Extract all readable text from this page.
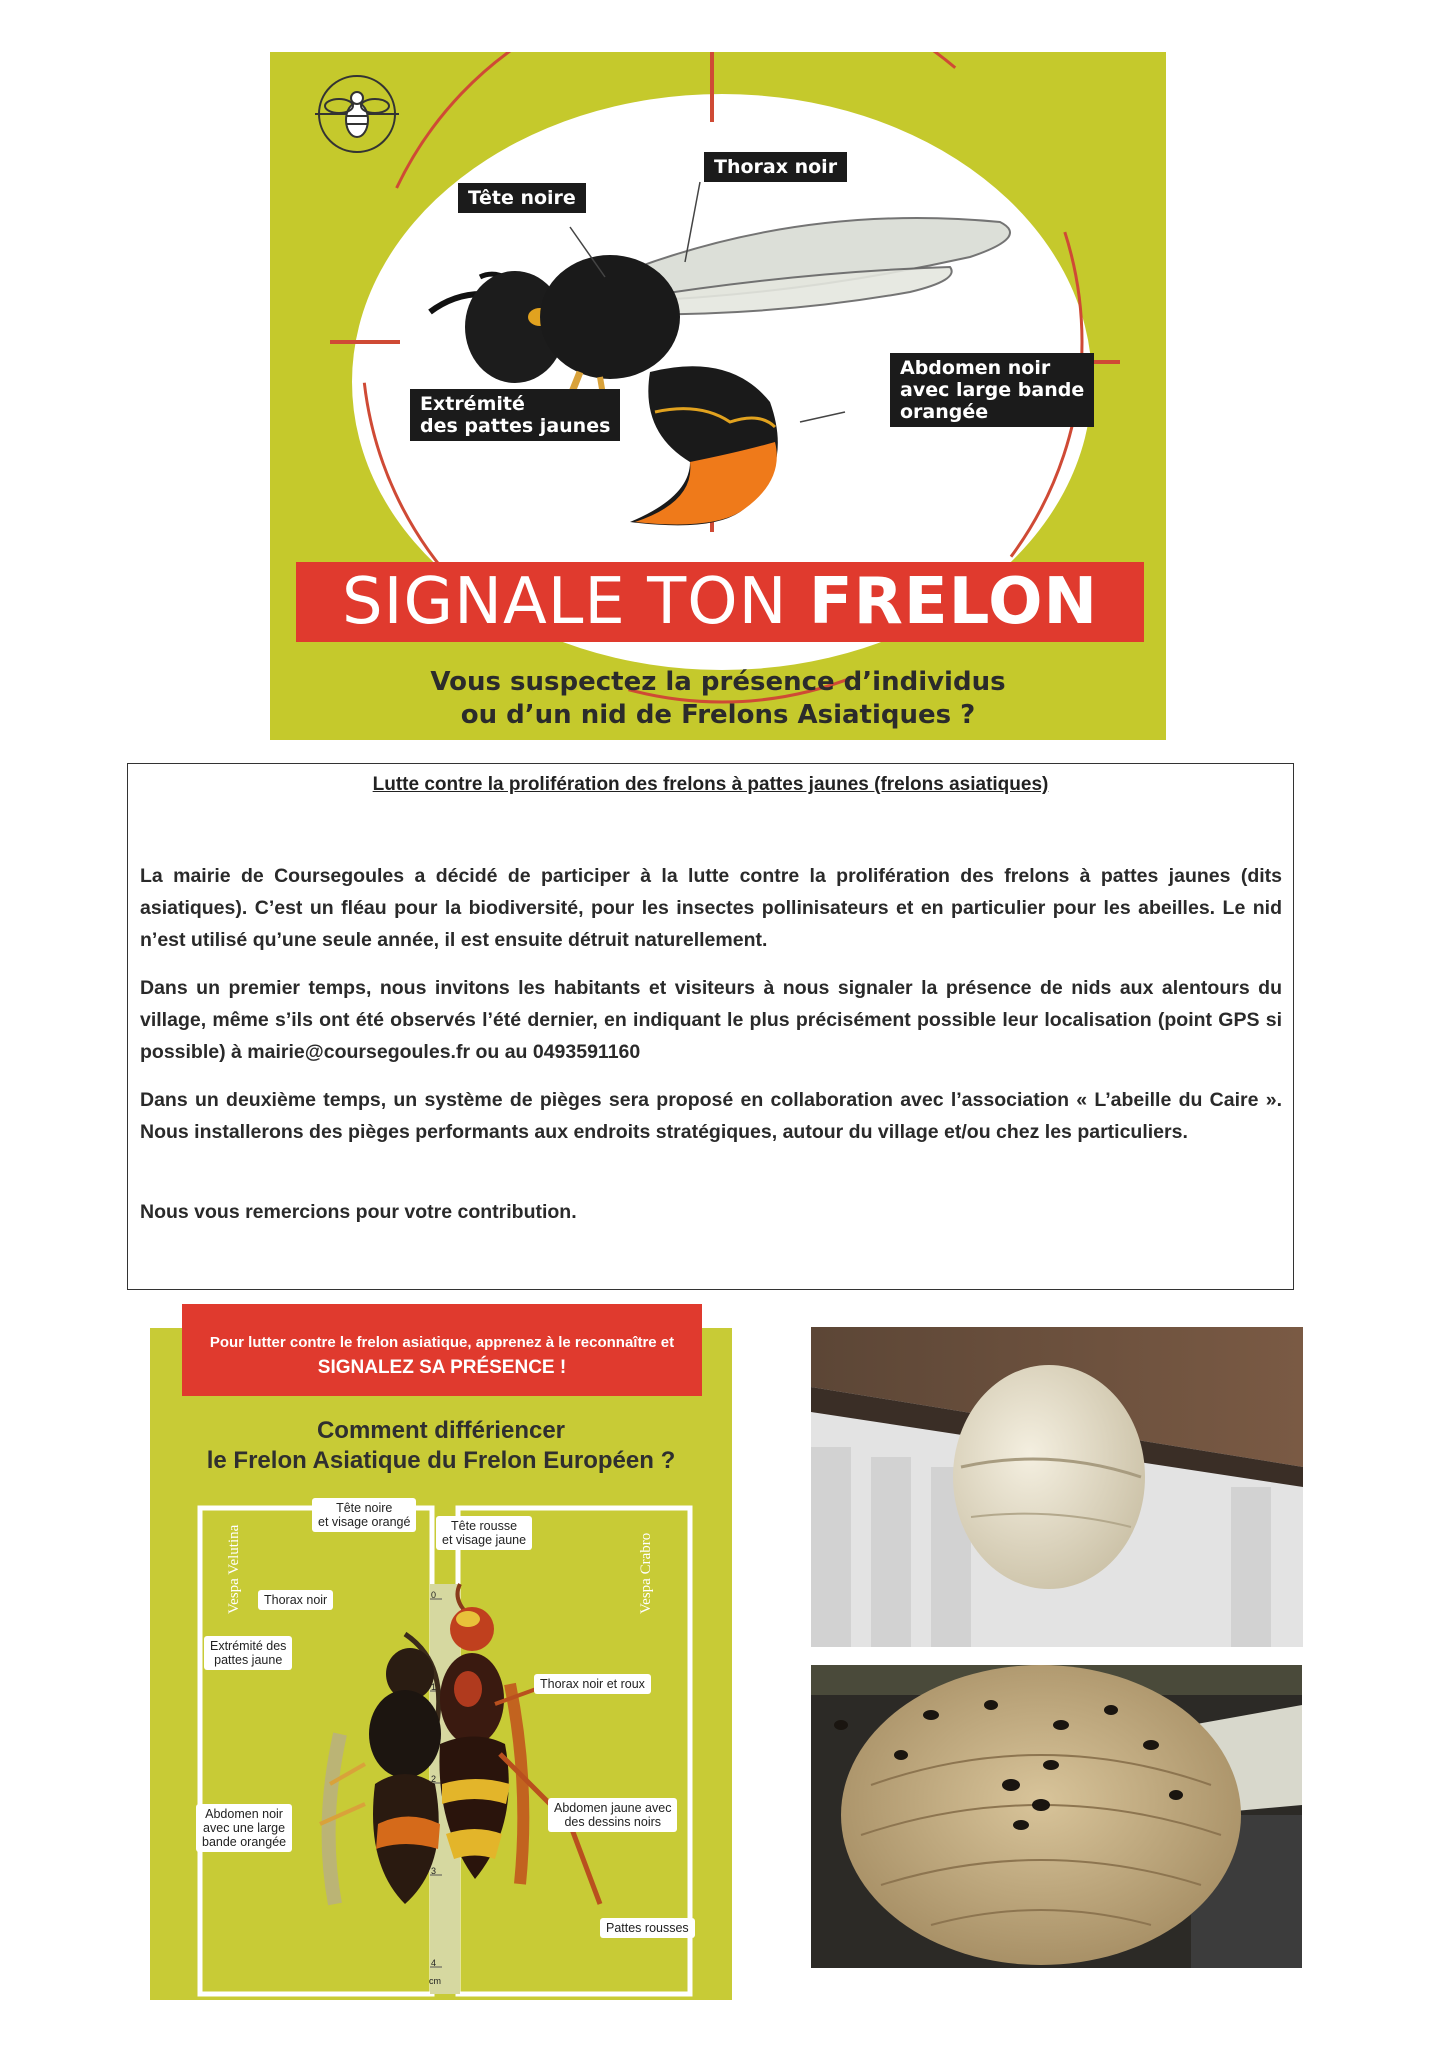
Thorax noir
Tête noire
Extrémité
des pattes jaunes
Abdomen noir
avec large bande
orangée
SIGNALE TON FRELON
Vous suspectez la présence d’individus
ou d’un nid de Frelons Asiatiques ?
Lutte contre la prolifération des frelons à pattes jaunes (frelons asiatiques)
La mairie de Coursegoules a décidé de participer à la lutte contre la prolifération des frelons à pattes jaunes (dits asiatiques). C’est un fléau pour la biodiversité, pour les insectes pollinisateurs et en particulier pour les abeilles. Le nid n’est utilisé qu’une seule année, il est ensuite détruit naturellement.
Dans un premier temps, nous invitons les habitants et visiteurs à nous signaler la présence de nids aux alentours du village, même s’ils ont été observés l’été dernier, en indiquant le plus précisément possible leur localisation (point GPS si possible) à mairie@coursegoules.fr ou au 0493591160
Dans un deuxième temps, un système de pièges sera proposé en collaboration avec l’association « L’abeille du Caire ». Nous installerons des pièges performants aux endroits stratégiques, autour du village et/ou chez les particuliers.
Nous vous remercions pour votre contribution.
Pour lutter contre le frelon asiatique, apprenez à le reconnaître et
SIGNALEZ SA PRÉSENCE !
Comment différiencer
le Frelon Asiatique du Frelon Européen ?
Vespa Velutina	Vespa Crabro
0
1
2
3
4
cm
Tête noire
et visage orangé
Thorax noir
Extrémité des
pattes jaune
Abdomen noir
avec une large
bande orangée
Tête rousse
et visage jaune
Thorax noir et roux
Abdomen jaune avec
des dessins noirs
Pattes rousses
